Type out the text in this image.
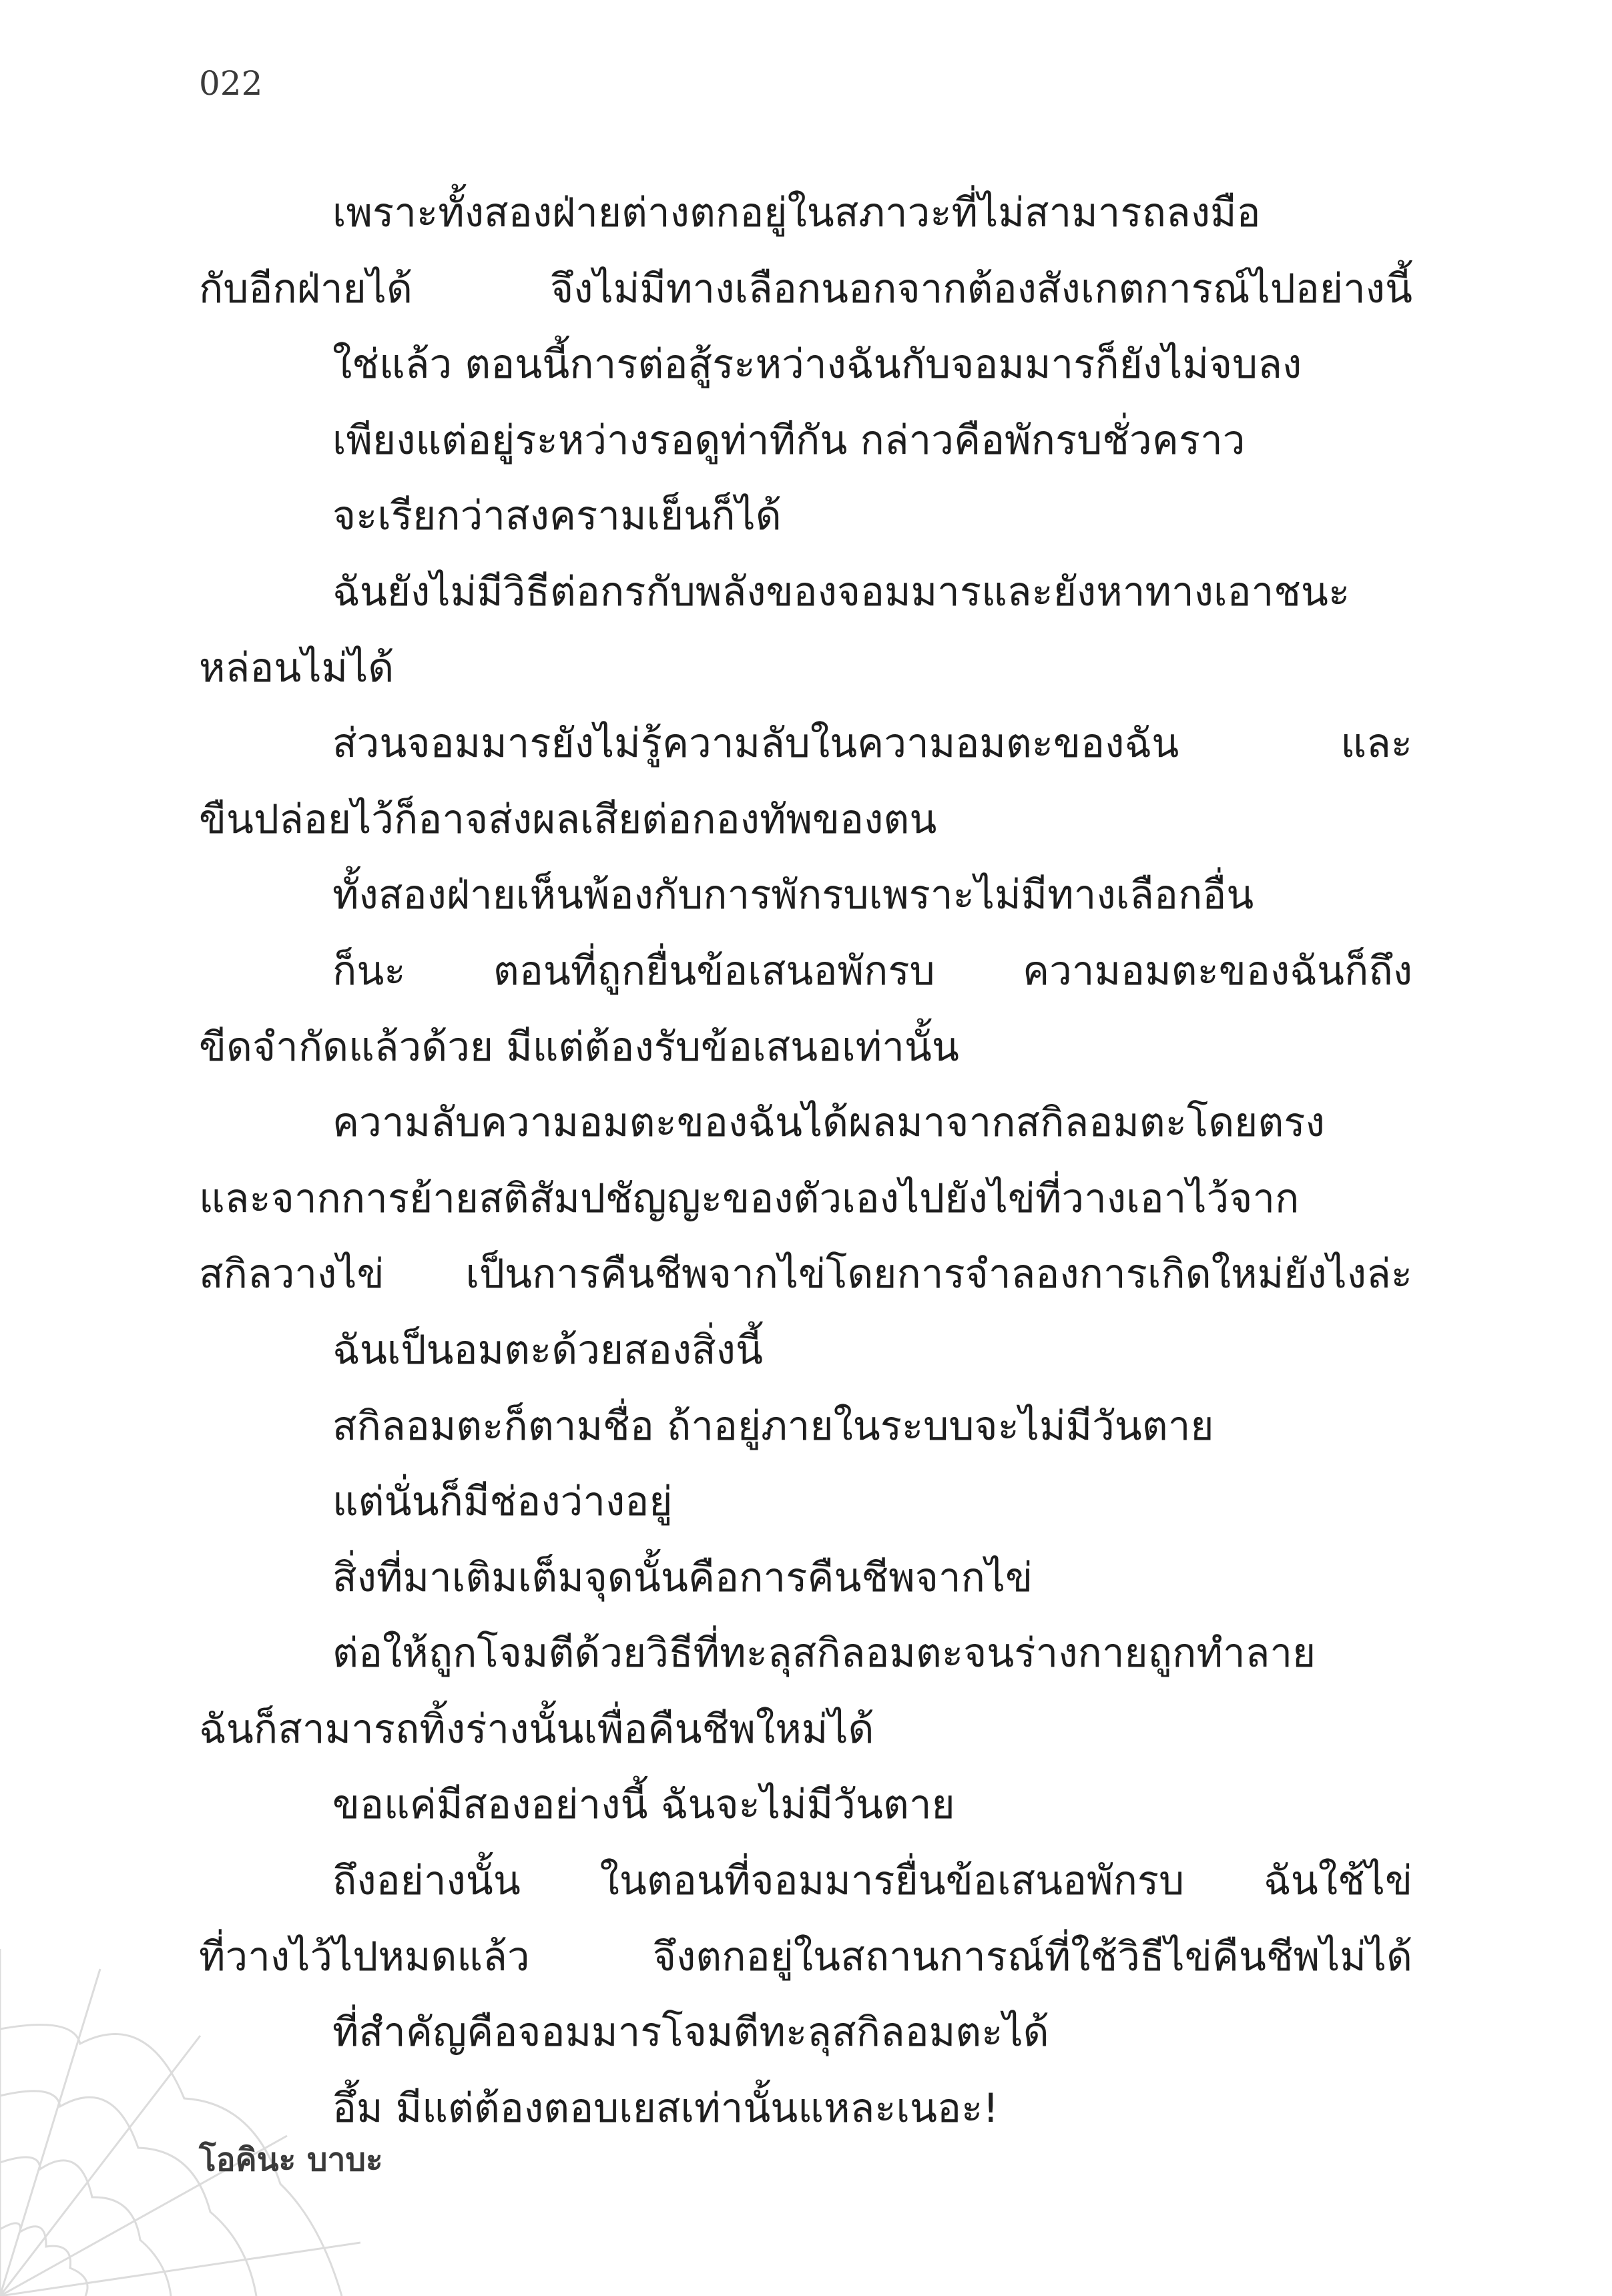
022
เพราะทั้งสองฝ่ายต่างตกอยู่ในสภาวะที่ไม่สามารถลงมือ
กับอีกฝ่ายได้ จึงไม่มีทางเลือกนอกจากต้องสังเกตการณ์ไปอย่างนี้
ใช่แล้ว ตอนนี้การต่อสู้ระหว่างฉันกับจอมมารก็ยังไม่จบลง
เพียงแต่อยู่ระหว่างรอดูท่าทีกัน กล่าวคือพักรบชั่วคราว
จะเรียกว่าสงครามเย็นก็ได้
ฉันยังไม่มีวิธีต่อกรกับพลังของจอมมารและยังหาทางเอาชนะ
หล่อนไม่ได้
ส่วนจอมมารยังไม่รู้ความลับในความอมตะของฉัน และ
ขืนปล่อยไว้ก็อาจส่งผลเสียต่อกองทัพของตน
ทั้งสองฝ่ายเห็นพ้องกับการพักรบเพราะไม่มีทางเลือกอื่น
ก็นะ ตอนที่ถูกยื่นข้อเสนอพักรบ ความอมตะของฉันก็ถึง
ขีดจำกัดแล้วด้วย มีแต่ต้องรับข้อเสนอเท่านั้น
ความลับความอมตะของฉันได้ผลมาจากสกิลอมตะโดยตรง
และจากการย้ายสติสัมปชัญญะของตัวเองไปยังไข่ที่วางเอาไว้จาก
สกิลวางไข่ เป็นการคืนชีพจากไข่โดยการจำลองการเกิดใหม่ยังไงล่ะ
ฉันเป็นอมตะด้วยสองสิ่งนี้
สกิลอมตะก็ตามชื่อ ถ้าอยู่ภายในระบบจะไม่มีวันตาย
แต่นั่นก็มีช่องว่างอยู่
สิ่งที่มาเติมเต็มจุดนั้นคือการคืนชีพจากไข่
ต่อให้ถูกโจมตีด้วยวิธีที่ทะลุสกิลอมตะจนร่างกายถูกทำลาย
ฉันก็สามารถทิ้งร่างนั้นเพื่อคืนชีพใหม่ได้
ขอแค่มีสองอย่างนี้ ฉันจะไม่มีวันตาย
ถึงอย่างนั้น ในตอนที่จอมมารยื่นข้อเสนอพักรบ ฉันใช้ไข่
ที่วางไว้ไปหมดแล้ว จึงตกอยู่ในสถานการณ์ที่ใช้วิธีไข่คืนชีพไม่ได้
ที่สำคัญคือจอมมารโจมตีทะลุสกิลอมตะได้
อึ้ม มีแต่ต้องตอบเยสเท่านั้นแหละเนอะ!
โอคินะ บาบะ
